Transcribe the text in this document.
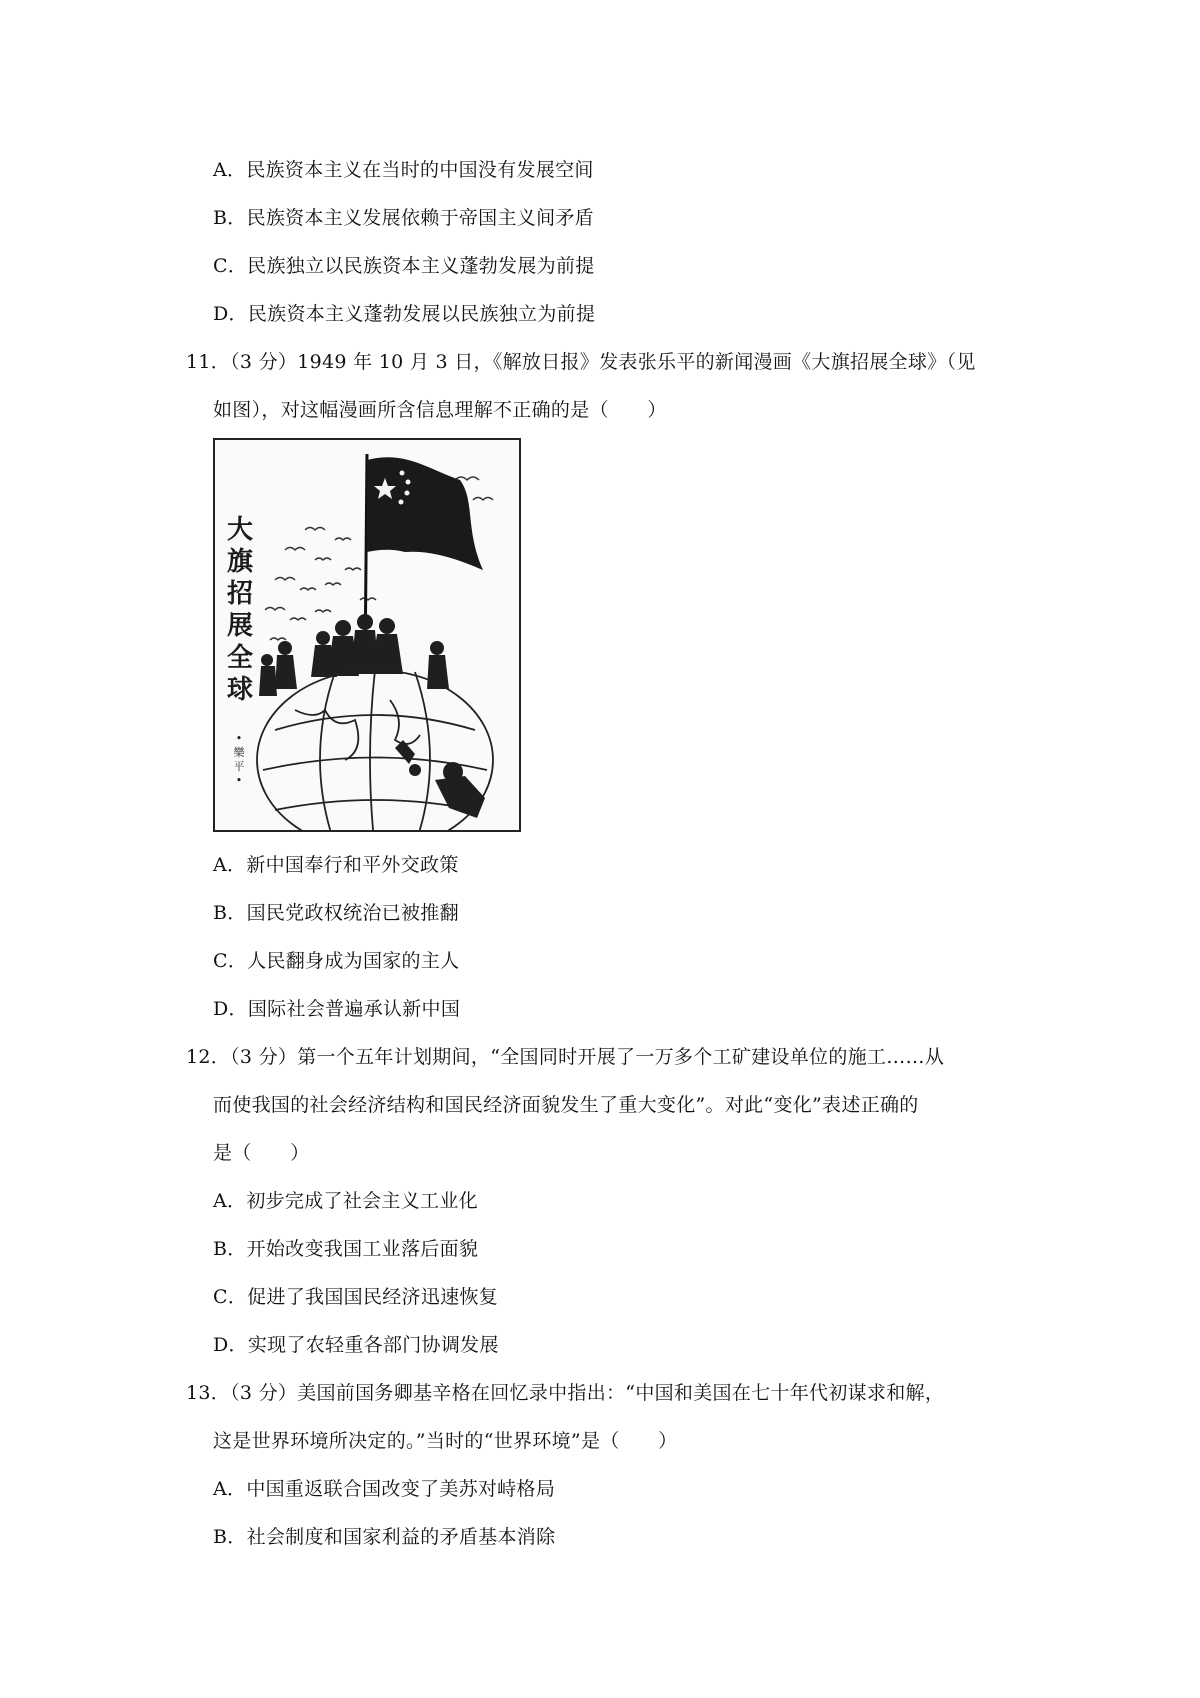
A．民族资本主义在当时的中国没有发展空间
B．民族资本主义发展依赖于帝国主义间矛盾
C．民族独立以民族资本主义蓬勃发展为前提
D．民族资本主义蓬勃发展以民族独立为前提
11．（3 分）1949 年 10 月 3 日，《解放日报》发表张乐平的新闻漫画《大旗招展全球》（见
如图），对这幅漫画所含信息理解不正确的是（　　）
大
旗
招
展
全
球
•
樂
平
•
A．新中国奉行和平外交政策
B．国民党政权统治已被推翻
C．人民翻身成为国家的主人
D．国际社会普遍承认新中国
12．（3 分）第一个五年计划期间，“全国同时开展了一万多个工矿建设单位的施工……从
而使我国的社会经济结构和国民经济面貌发生了重大变化”。对此“变化”表述正确的
是（　　）
A．初步完成了社会主义工业化
B．开始改变我国工业落后面貌
C．促进了我国国民经济迅速恢复
D．实现了农轻重各部门协调发展
13．（3 分）美国前国务卿基辛格在回忆录中指出：“中国和美国在七十年代初谋求和解，
这是世界环境所决定的。”当时的“世界环境”是（　　）
A．中国重返联合国改变了美苏对峙格局
B．社会制度和国家利益的矛盾基本消除
